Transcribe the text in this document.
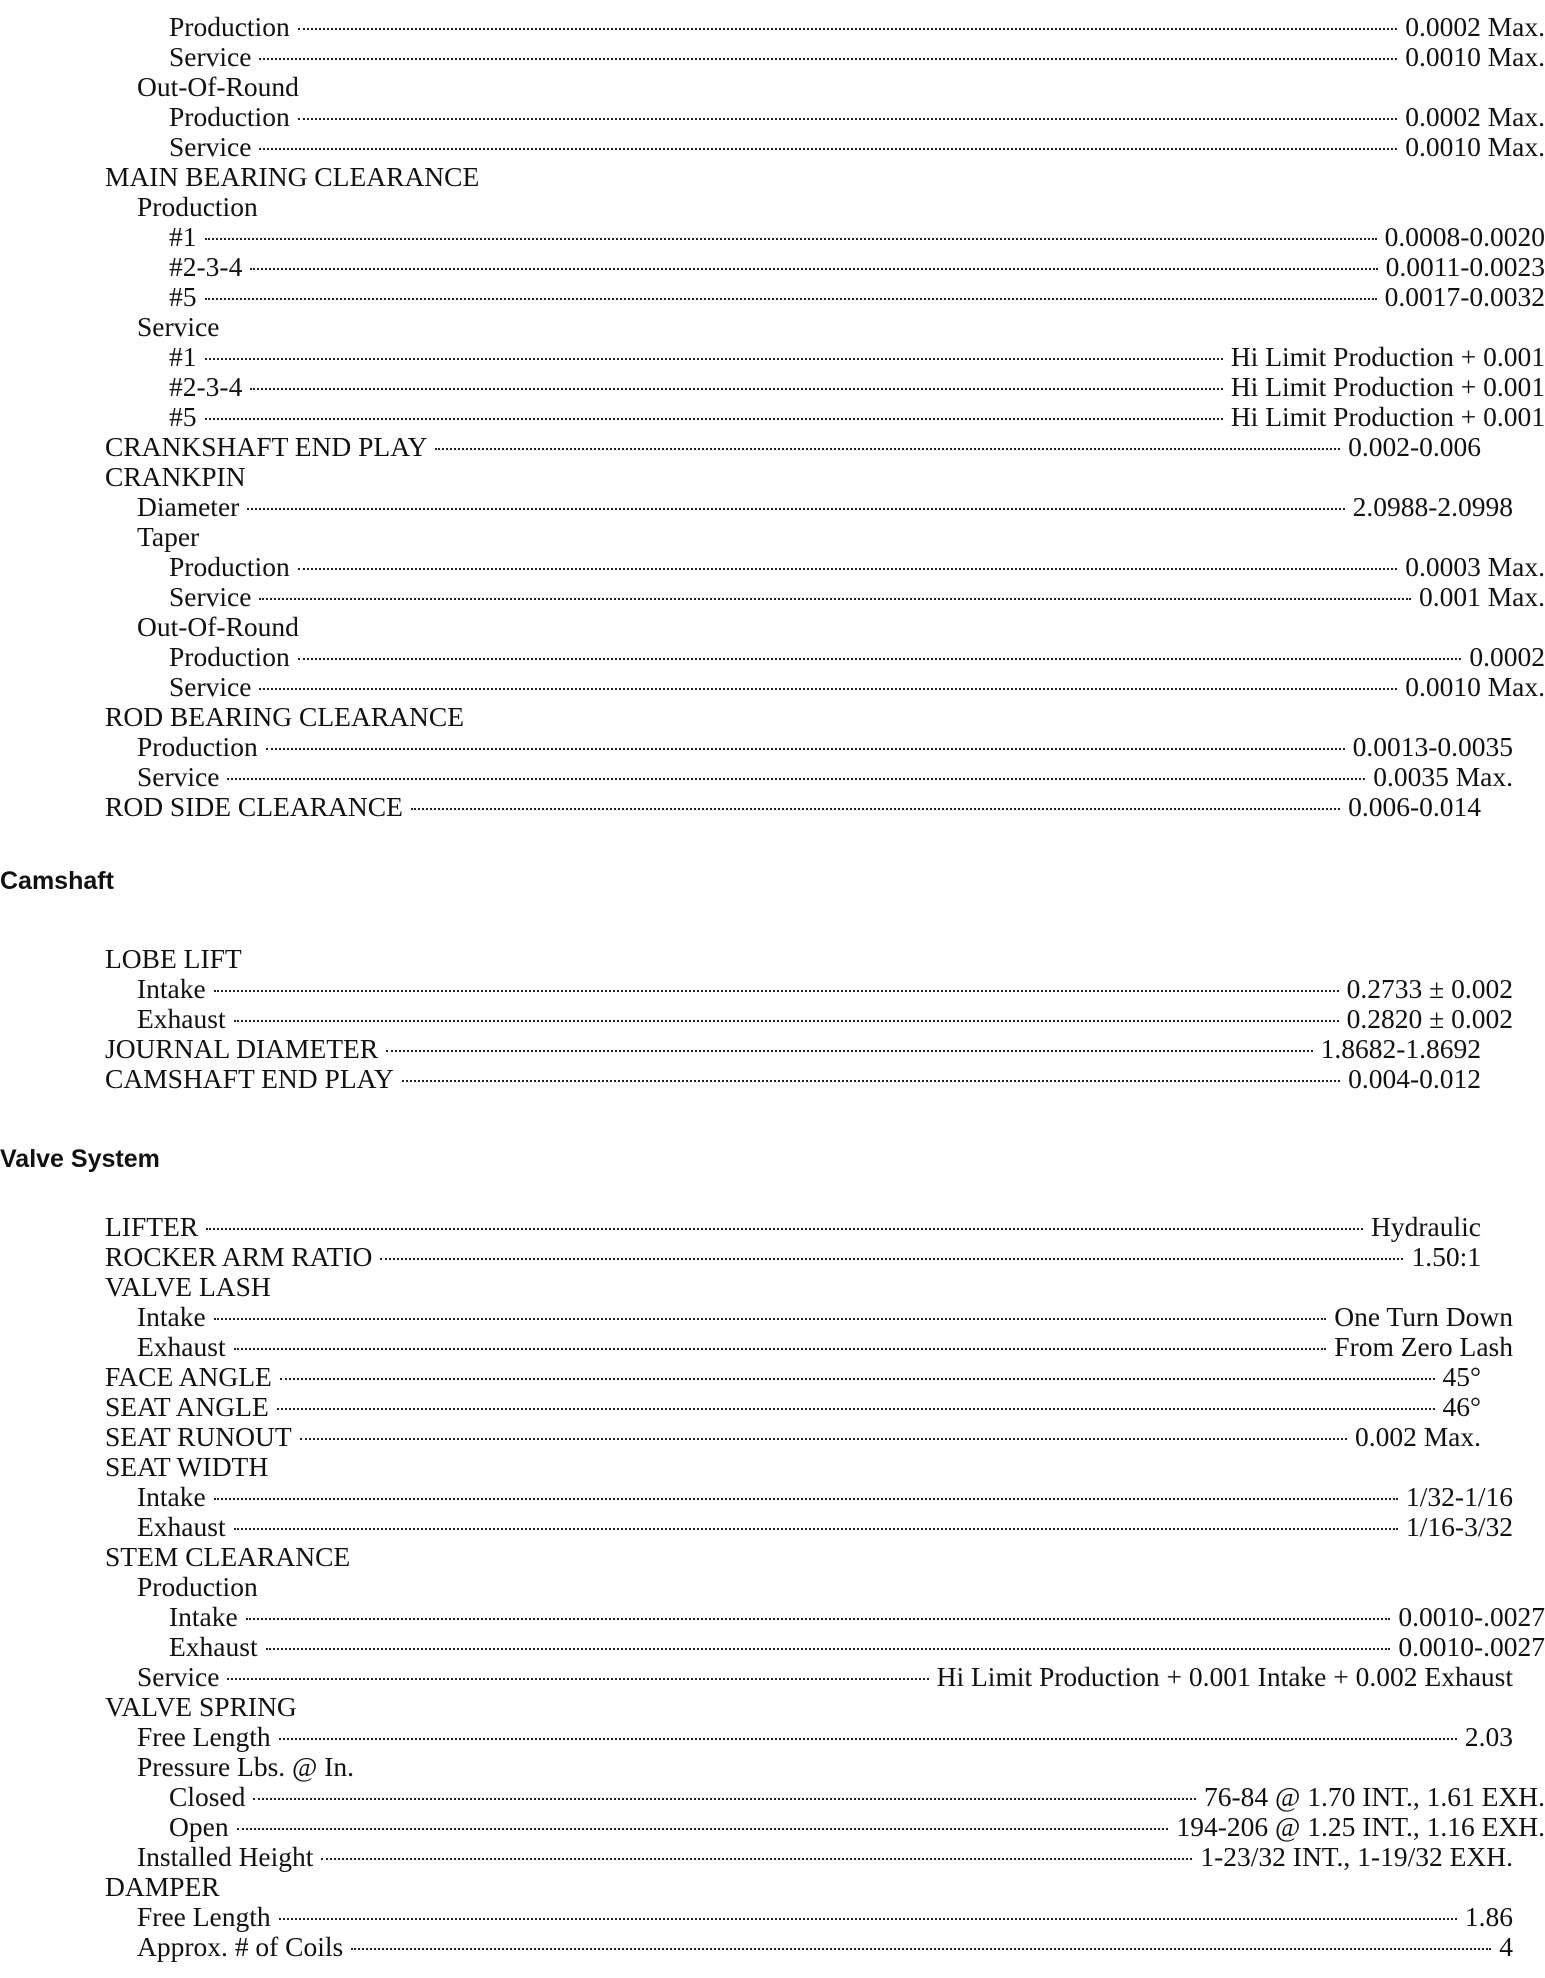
Production	0.0002 Max.
Service	0.0010 Max.
Out-Of-Round
Production	0.0002 Max.
Service	0.0010 Max.
MAIN BEARING CLEARANCE
Production
#1	0.0008-0.0020
#2-3-4	0.0011-0.0023
#5	0.0017-0.0032
Service
#1	Hi Limit Production + 0.001
#2-3-4	Hi Limit Production + 0.001
#5	Hi Limit Production + 0.001
CRANKSHAFT END PLAY	0.002-0.006
CRANKPIN
Diameter	2.0988-2.0998
Taper
Production	0.0003 Max.
Service	0.001 Max.
Out-Of-Round
Production	0.0002
Service	0.0010 Max.
ROD BEARING CLEARANCE
Production	0.0013-0.0035
Service	0.0035 Max.
ROD SIDE CLEARANCE	0.006-0.014
Camshaft
LOBE LIFT
Intake	0.2733 ± 0.002
Exhaust	0.2820 ± 0.002
JOURNAL DIAMETER	1.8682-1.8692
CAMSHAFT END PLAY	0.004-0.012
Valve System
LIFTER	Hydraulic
ROCKER ARM RATIO	1.50:1
VALVE LASH
Intake	One Turn Down
Exhaust	From Zero Lash
FACE ANGLE	45°
SEAT ANGLE	46°
SEAT RUNOUT	0.002 Max.
SEAT WIDTH
Intake	1/32-1/16
Exhaust	1/16-3/32
STEM CLEARANCE
Production
Intake	0.0010-.0027
Exhaust	0.0010-.0027
Service	Hi Limit Production + 0.001 Intake + 0.002 Exhaust
VALVE SPRING
Free Length	2.03
Pressure Lbs. @ In.
Closed	76-84 @ 1.70 INT., 1.61 EXH.
Open	194-206 @ 1.25 INT., 1.16 EXH.
Installed Height	1-23/32 INT., 1-19/32 EXH.
DAMPER
Free Length	1.86
Approx. # of Coils	4
